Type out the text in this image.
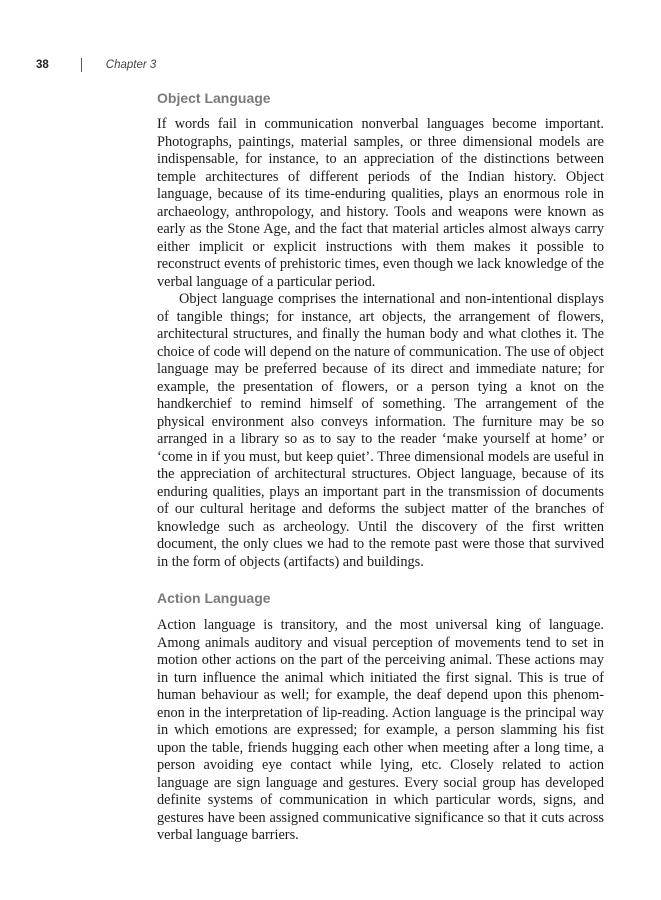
38	Chapter 3
Object Language

If words fail in communication nonverbal languages become important. Photographs, paintings, material samples, or three dimensional models are indispensable, for instance, to an appreciation of the distinctions between temple architectures of different periods of the Indian history. Object language, because of its time-enduring qualities, plays an enormous role in archaeology, anthropology, and history. Tools and weapons were known as early as the Stone Age, and the fact that material articles almost always carry either implicit or explicit instructions with them makes it possible to reconstruct events of prehistoric times, even though we lack knowledge of the verbal language of a particular period.

Object language comprises the international and non-intentional displays of tangible things; for instance, art objects, the arrangement of flowers, architectural structures, and finally the human body and what clothes it. The choice of code will depend on the nature of communication. The use of object language may be preferred because of its direct and immediate nature; for example, the presentation of flowers, or a person tying a knot on the handkerchief to remind himself of something. The arrangement of the physical environment also conveys information. The furniture may be so arranged in a library so as to say to the reader ‘make yourself at home’ or ‘come in if you must, but keep quiet’. Three dimensional models are useful in the appreciation of architectural structures. Object language, because of its enduring qualities, plays an important part in the transmission of documents of our cultural heritage and deforms the subject matter of the branches of knowledge such as archeology. Until the discovery of the first written document, the only clues we had to the remote past were those that survived in the form of objects (artifacts) and buildings.

Action Language

Action language is transitory, and the most universal king of language. Among animals auditory and visual perception of movements tend to set in motion other actions on the part of the perceiving animal. These actions may in turn influence the animal which initiated the first signal. This is true of human behaviour as well; for example, the deaf depend upon this phenomenon in the interpretation of lip-reading. Action language is the principal way in which emotions are expressed; for example, a person slamming his fist upon the table, friends hugging each other when meeting after a long time, a person avoiding eye contact while lying, etc. Closely related to action language are sign language and gestures. Every social group has developed definite systems of communication in which particular words, signs, and gestures have been assigned communicative significance so that it cuts across verbal language barriers.
